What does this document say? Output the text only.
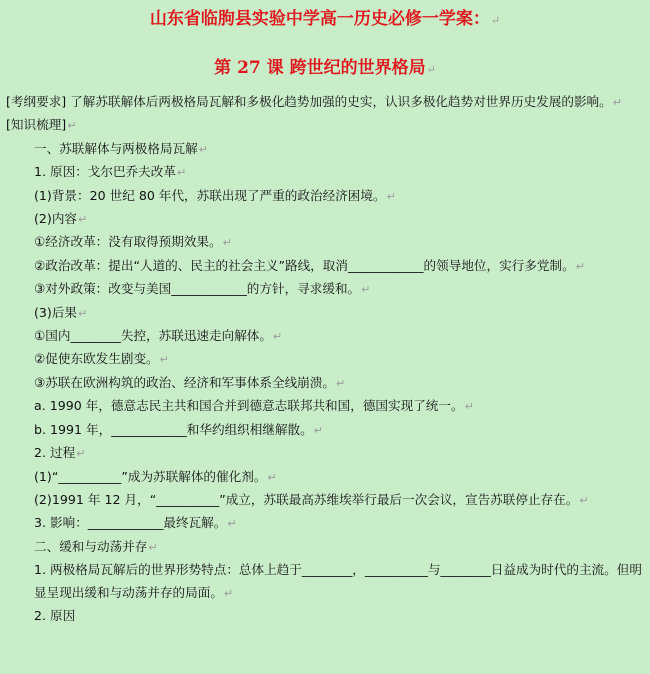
山东省临朐县实验中学高一历史必修一学案：↵
第 27 课 跨世纪的世界格局↵

[考纲要求] 了解苏联解体后两极格局瓦解和多极化趋势加强的史实，认识多极化趋势对世界历史发展的影响。↵

[知识梳理]↵

一、苏联解体与两极格局瓦解↵

1. 原因：戈尔巴乔夫改革↵

(1)背景：20 世纪 80 年代，苏联出现了严重的政治经济困境。↵

(2)内容↵

①经济改革：没有取得预期效果。↵

②政治改革：提出“人道的、民主的社会主义”路线，取消____________的领导地位，实行多党制。↵

③对外政策：改变与美国____________的方针，寻求缓和。↵

(3)后果↵

①国内________失控，苏联迅速走向解体。↵

②促使东欧发生剧变。↵

③苏联在欧洲构筑的政治、经济和军事体系全线崩溃。↵

a. 1990 年，德意志民主共和国合并到德意志联邦共和国，德国实现了统一。↵

b. 1991 年，____________和华约组织相继解散。↵

2. 过程↵

(1)“__________”成为苏联解体的催化剂。↵

(2)1991 年 12 月，“__________”成立，苏联最高苏维埃举行最后一次会议，宣告苏联停止存在。↵

3. 影响：____________最终瓦解。↵

二、缓和与动荡并存↵

1. 两极格局瓦解后的世界形势特点：总体上趋于________，__________与________日益成为时代的主流。但明显呈现出缓和与动荡并存的局面。↵

2. 原因
